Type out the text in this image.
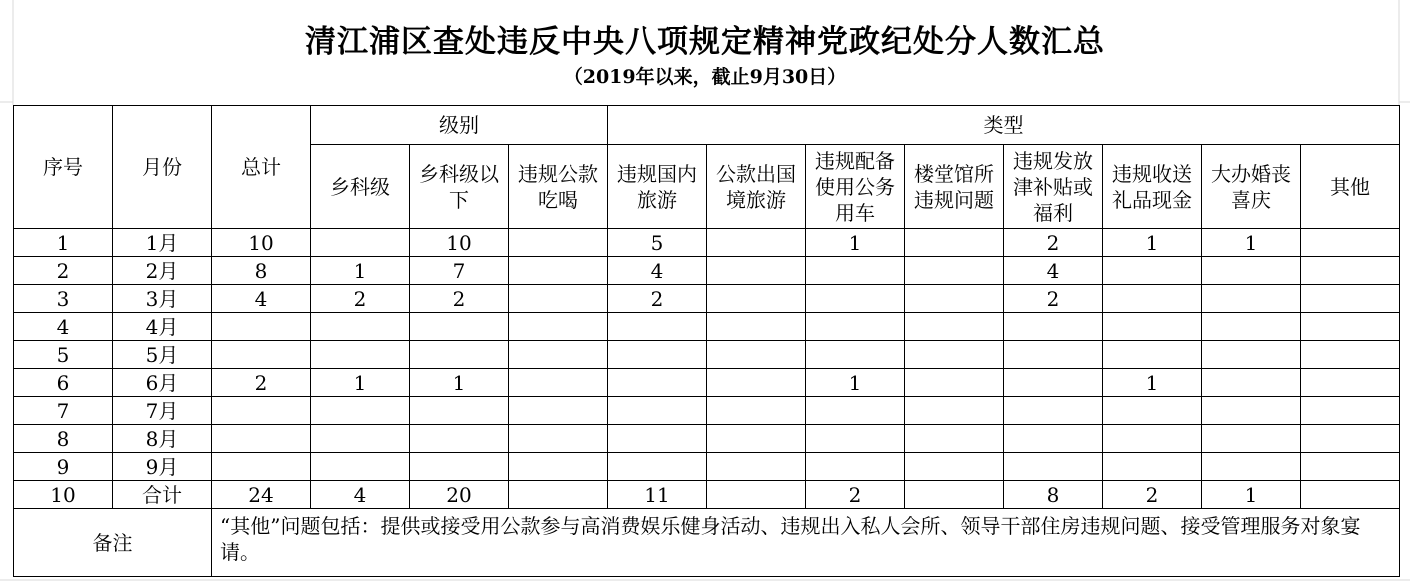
清江浦区查处违反中央八项规定精神党政纪处分人数汇总
（2019年以来，截止9月30日）
序号	月份	总计	级别			类型							
			乡科级	乡科级以下	违规公款吃喝	违规国内旅游	公款出国境旅游	违规配备使用公务用车	楼堂馆所违规问题	违规发放津补贴或福利	违规收送礼品现金	大办婚丧喜庆	其他
1	1月	10		10		5		1		2	1	1	
2	2月	8	1	7		4				4			
3	3月	4	2	2		2				2			
4	4月												
5	5月												
6	6月	2	1	1				1			1		
7	7月												
8	8月												
9	9月												
10	合计	24	4	20		11		2		8	2	1	
备注		“其他”问题包括：提供或接受用公款参与高消费娱乐健身活动、违规出入私人会所、领导干部住房违规问题、接受管理服务对象宴请。											
